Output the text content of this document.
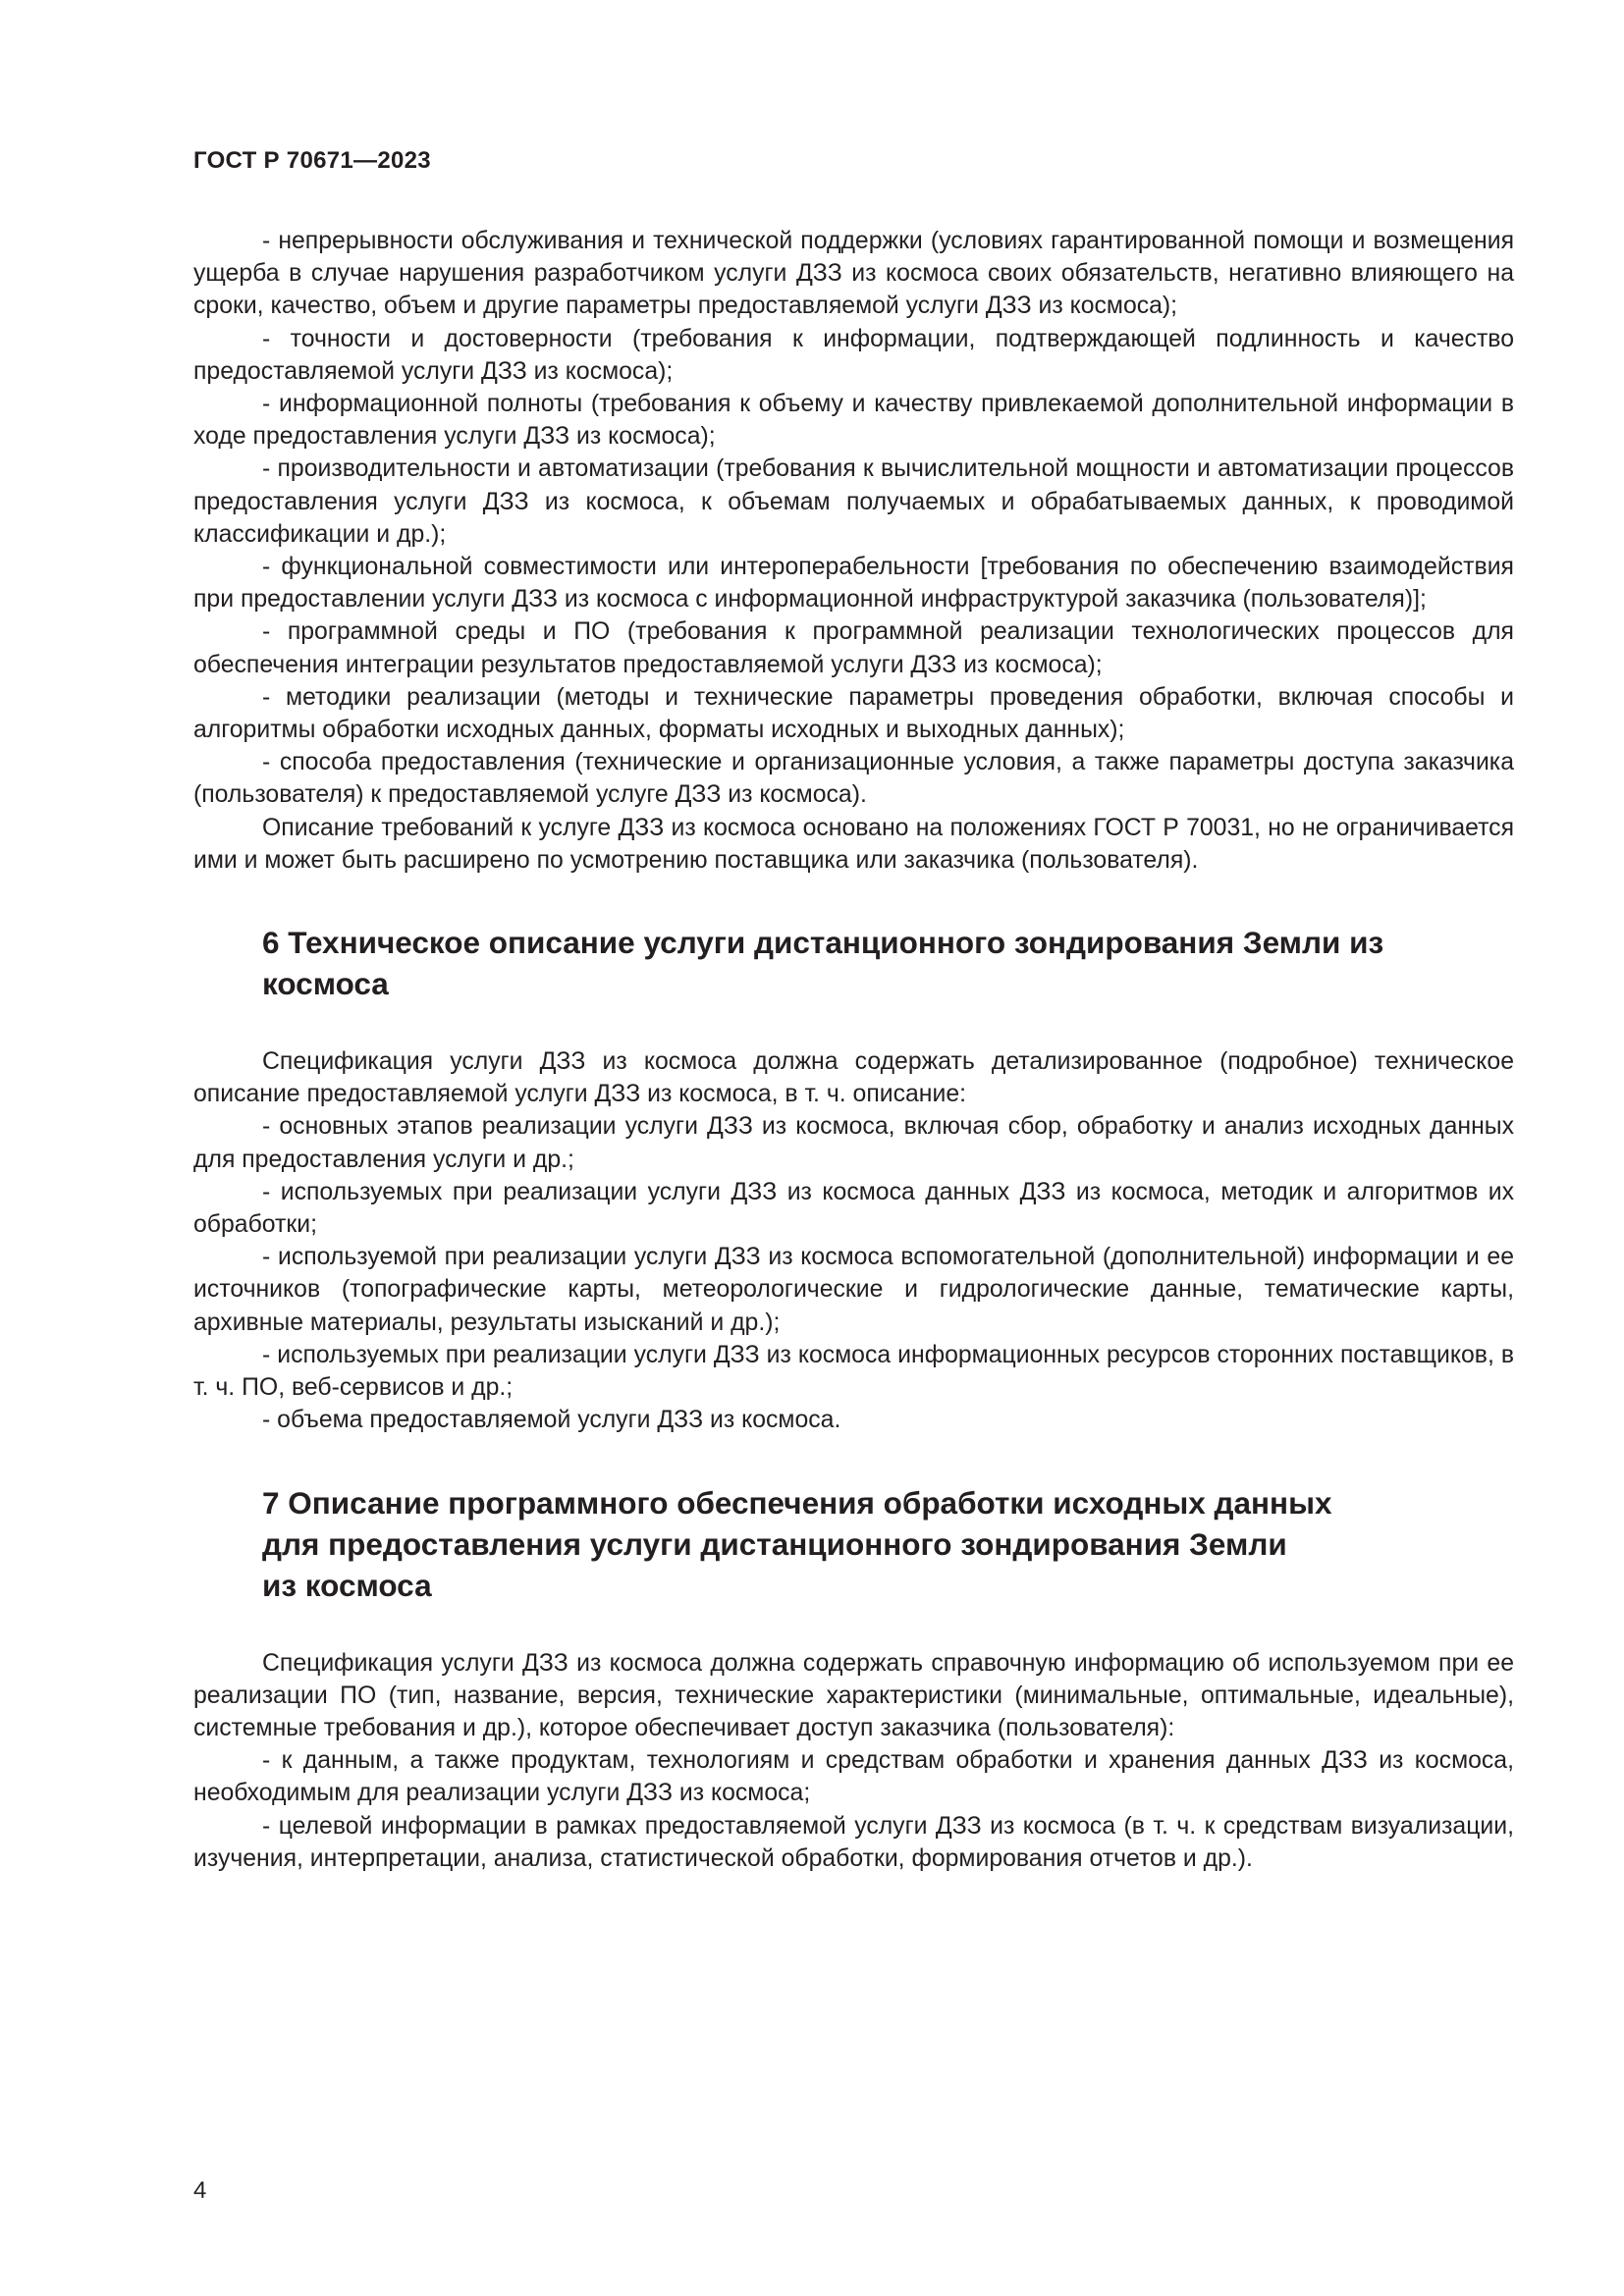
ГОСТ Р 70671—2023

- непрерывности обслуживания и технической поддержки (условиях гарантированной помощи и возмещения ущерба в случае нарушения разработчиком услуги ДЗЗ из космоса своих обязательств, негативно влияющего на сроки, качество, объем и другие параметры предоставляемой услуги ДЗЗ из космоса);

- точности и достоверности (требования к информации, подтверждающей подлинность и качество предоставляемой услуги ДЗЗ из космоса);

- информационной полноты (требования к объему и качеству привлекаемой дополнительной информации в ходе предоставления услуги ДЗЗ из космоса);

- производительности и автоматизации (требования к вычислительной мощности и автоматизации процессов предоставления услуги ДЗЗ из космоса, к объемам получаемых и обрабатываемых данных, к проводимой классификации и др.);

- функциональной совместимости или интероперабельности [требования по обеспечению взаимодействия при предоставлении услуги ДЗЗ из космоса с информационной инфраструктурой заказчика (пользователя)];

- программной среды и ПО (требования к программной реализации технологических процессов для обеспечения интеграции результатов предоставляемой услуги ДЗЗ из космоса);

- методики реализации (методы и технические параметры проведения обработки, включая способы и алгоритмы обработки исходных данных, форматы исходных и выходных данных);

- способа предоставления (технические и организационные условия, а также параметры доступа заказчика (пользователя) к предоставляемой услуге ДЗЗ из космоса).

Описание требований к услуге ДЗЗ из космоса основано на положениях ГОСТ Р 70031, но не ограничивается ими и может быть расширено по усмотрению поставщика или заказчика (пользователя).

6 Техническое описание услуги дистанционного зондирования Земли из
космоса

Спецификация услуги ДЗЗ из космоса должна содержать детализированное (подробное) техническое описание предоставляемой услуги ДЗЗ из космоса, в т. ч. описание:

- основных этапов реализации услуги ДЗЗ из космоса, включая сбор, обработку и анализ исходных данных для предоставления услуги и др.;

- используемых при реализации услуги ДЗЗ из космоса данных ДЗЗ из космоса, методик и алгоритмов их обработки;

- используемой при реализации услуги ДЗЗ из космоса вспомогательной (дополнительной) информации и ее источников (топографические карты, метеорологические и гидрологические данные, тематические карты, архивные материалы, результаты изысканий и др.);

- используемых при реализации услуги ДЗЗ из космоса информационных ресурсов сторонних поставщиков, в т. ч. ПО, веб-сервисов и др.;

- объема предоставляемой услуги ДЗЗ из космоса.

7 Описание программного обеспечения обработки исходных данных
для предоставления услуги дистанционного зондирования Земли
из космоса

Спецификация услуги ДЗЗ из космоса должна содержать справочную информацию об используемом при ее реализации ПО (тип, название, версия, технические характеристики (минимальные, оптимальные, идеальные), системные требования и др.), которое обеспечивает доступ заказчика (пользователя):

- к данным, а также продуктам, технологиям и средствам обработки и хранения данных ДЗЗ из космоса, необходимым для реализации услуги ДЗЗ из космоса;

- целевой информации в рамках предоставляемой услуги ДЗЗ из космоса (в т. ч. к средствам визуализации, изучения, интерпретации, анализа, статистической обработки, формирования отчетов и др.).

4
